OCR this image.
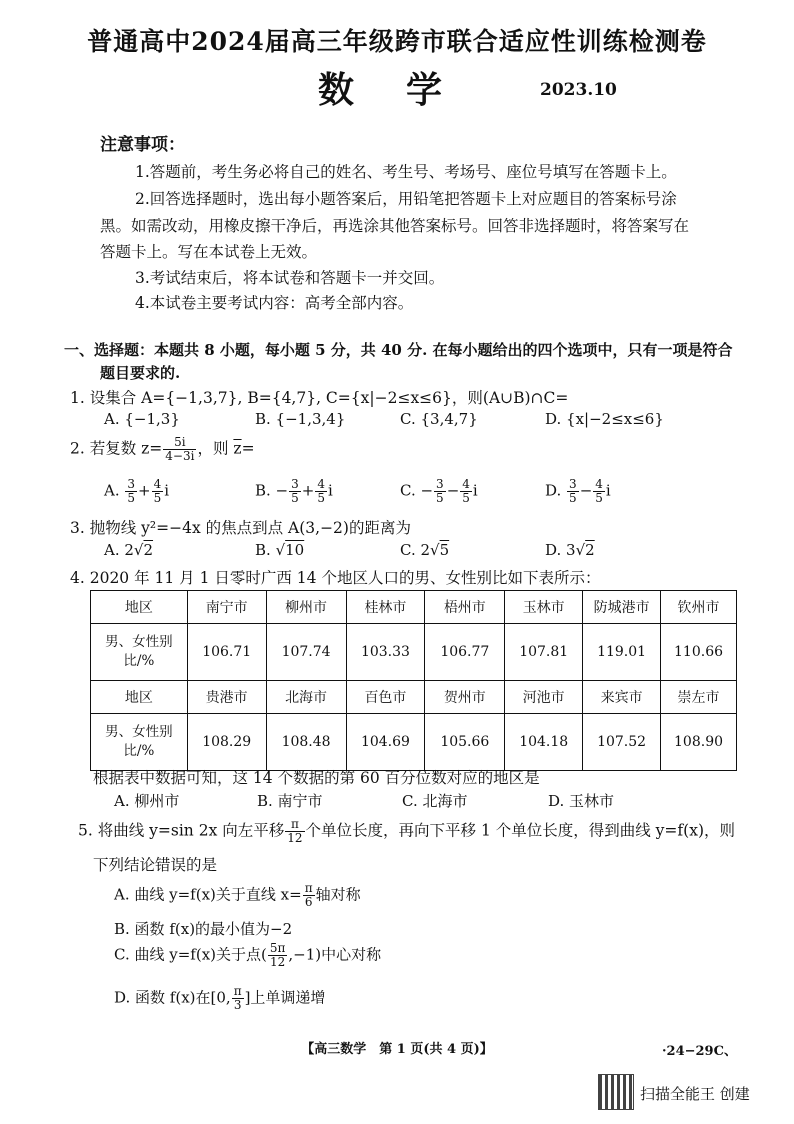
普通高中2024届高三年级跨市联合适应性训练检测卷
数学	2023.10
注意事项：
1.答题前，考生务必将自己的姓名、考生号、考场号、座位号填写在答题卡上。
2.回答选择题时，选出每小题答案后，用铅笔把答题卡上对应题目的答案标号涂
黑。如需改动，用橡皮擦干净后，再选涂其他答案标号。回答非选择题时，将答案写在
答题卡上。写在本试卷上无效。
3.考试结束后，将本试卷和答题卡一并交回。
4.本试卷主要考试内容：高考全部内容。
一、选择题：本题共 8 小题，每小题 5 分，共 40 分. 在每小题给出的四个选项中，只有一项是符合
题目要求的.
1. 设集合 A={−1,3,7}, B={4,7}, C={x|−2≤x≤6}，则(A∪B)∩C=
A. {−1,3}	B. {−1,3,4}	C. {3,4,7}	D. {x|−2≤x≤6}
2. 若复数 $z= \frac{5i}{4-3i}$ ，则 $\overline{z}=$
A. $\frac{3}{5} + \frac{4}{5}$ i	B. − $\frac{3}{5} + \frac{4}{5}$ i	C. − $\frac{3}{5} - \frac{4}{5}$ i	D. $\frac{3}{5} - \frac{4}{5}$ i
3. 抛物线 y²=−4x 的焦点到点 A(3,−2)的距离为
A. 2√2	B. √10	C. 2√5	D. 3√2
4. 2020 年 11 月 1 日零时广西 14 个地区人口的男、女性别比如下表所示：
地区	南宁市	柳州市	桂林市	梧州市	玉林市	防城港市	钦州市
男、女性别
比/%	106.71	107.74	103.33	106.77	107.81	119.01	110.66
地区	贵港市	北海市	百色市	贺州市	河池市	来宾市	崇左市
男、女性别
比/%	108.29	108.48	104.69	105.66	104.18	107.52	108.90
根据表中数据可知，这 14 个数据的第 60 百分位数对应的地区是
A. 柳州市	B. 南宁市	C. 北海市	D. 玉林市
5. 将曲线 y=sin 2x 向左平移 $\frac{\pi}{12}$ 个单位长度，再向下平移 1 个单位长度，得到曲线 y=f(x)，则
下列结论错误的是
A. 曲线 y=f(x)关于直线 $x= \frac{\pi}{6}$ 轴对称
B. 函数 f(x)的最小值为−2
C. 曲线 y=f(x)关于点( $\frac{5\pi}{12} ,-1$)中心对称
D. 函数 f(x)在[0, $\frac{\pi}{3}$ ]上单调递增
【高三数学　第 1 页(共 4 页)】	·24−29C、
扫描全能王 创建
